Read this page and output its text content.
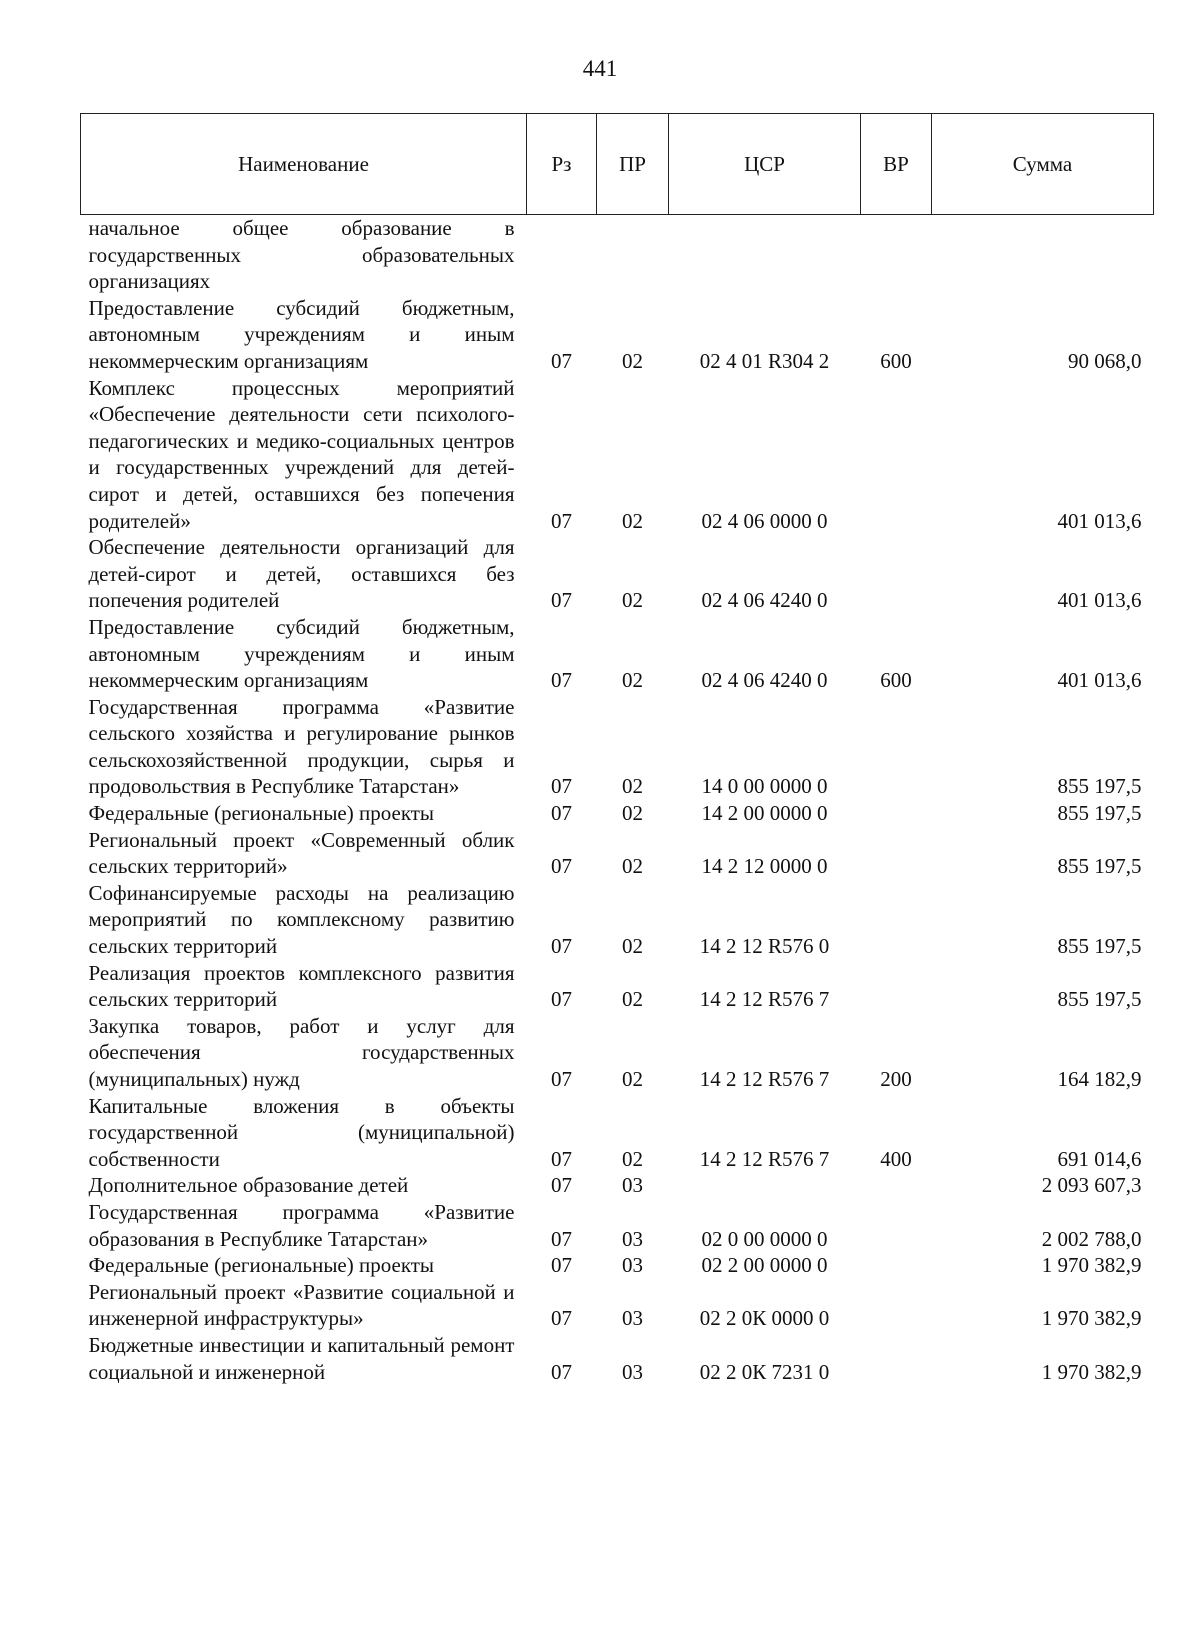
441
Наименование	Рз	ПР	ЦСР	ВР	Сумма
начальное общее образование в государственных образовательных организациях					
Предоставление субсидий бюджетным, автономным учреждениям и иным некоммерческим организациям	07	02	02 4 01 R304 2	600	90 068,0
Комплекс процессных мероприятий «Обеспечение деятельности сети психолого-педагогических и медико-социальных центров и государственных учреждений для детей-сирот и детей, оставшихся без попечения родителей»	07	02	02 4 06 0000 0		401 013,6
Обеспечение деятельности организаций для детей-сирот и детей, оставшихся без попечения родителей	07	02	02 4 06 4240 0		401 013,6
Предоставление субсидий бюджетным, автономным учреждениям и иным некоммерческим организациям	07	02	02 4 06 4240 0	600	401 013,6
Государственная программа «Развитие сельского хозяйства и регулирование рынков сельскохозяйственной продукции, сырья и продовольствия в Республике Татарстан»	07	02	14 0 00 0000 0		855 197,5
Федеральные (региональные) проекты	07	02	14 2 00 0000 0		855 197,5
Региональный проект «Современный облик сельских территорий»	07	02	14 2 12 0000 0		855 197,5
Софинансируемые расходы на реализацию мероприятий по комплексному развитию сельских территорий	07	02	14 2 12 R576 0		855 197,5
Реализация проектов комплексного развития сельских территорий	07	02	14 2 12 R576 7		855 197,5
Закупка товаров, работ и услуг для обеспечения государственных (муниципальных) нужд	07	02	14 2 12 R576 7	200	164 182,9
Капитальные вложения в объекты государственной (муниципальной) собственности	07	02	14 2 12 R576 7	400	691 014,6
Дополнительное образование детей	07	03			2 093 607,3
Государственная программа «Развитие образования в Республике Татарстан»	07	03	02 0 00 0000 0		2 002 788,0
Федеральные (региональные) проекты	07	03	02 2 00 0000 0		1 970 382,9
Региональный проект «Развитие социальной и инженерной инфраструктуры»	07	03	02 2 0К 0000 0		1 970 382,9
Бюджетные инвестиции и капитальный ремонт социальной и инженерной	07	03	02 2 0К 7231 0		1 970 382,9
